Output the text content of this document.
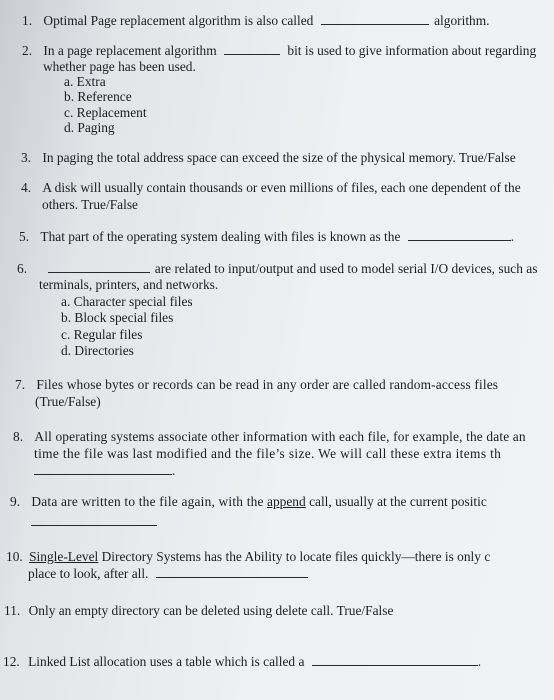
1. Optimal Page replacement algorithm is also called	algorithm.
2. In a page replacement algorithm	bit is used to give information about regarding
whether page has been used.
a. Extra
b. Reference
c. Replacement
d. Paging
3. In paging the total address space can exceed the size of the physical memory. True/False
4. A disk will usually contain thousands or even millions of files, each one dependent of the
others. True/False
5. That part of the operating system dealing with files is known as the	.
6.	are related to input/output and used to model serial I/O devices, such as
terminals, printers, and networks.
a. Character special files
b. Block special files
c. Regular files
d. Directories
7. Files whose bytes or records can be read in any order are called random-access files
(True/False)
8. All operating systems associate other information with each file, for example, the date an
time the file was last modified and the file’s size. We will call these extra items th
.
9. Data are written to the file again, with the append call, usually at the current positic
10. Single-Level Directory Systems has the Ability to locate files quickly—there is only c
place to look, after all.
11. Only an empty directory can be deleted using delete call. True/False
12. Linked List allocation uses a table which is called a	.
